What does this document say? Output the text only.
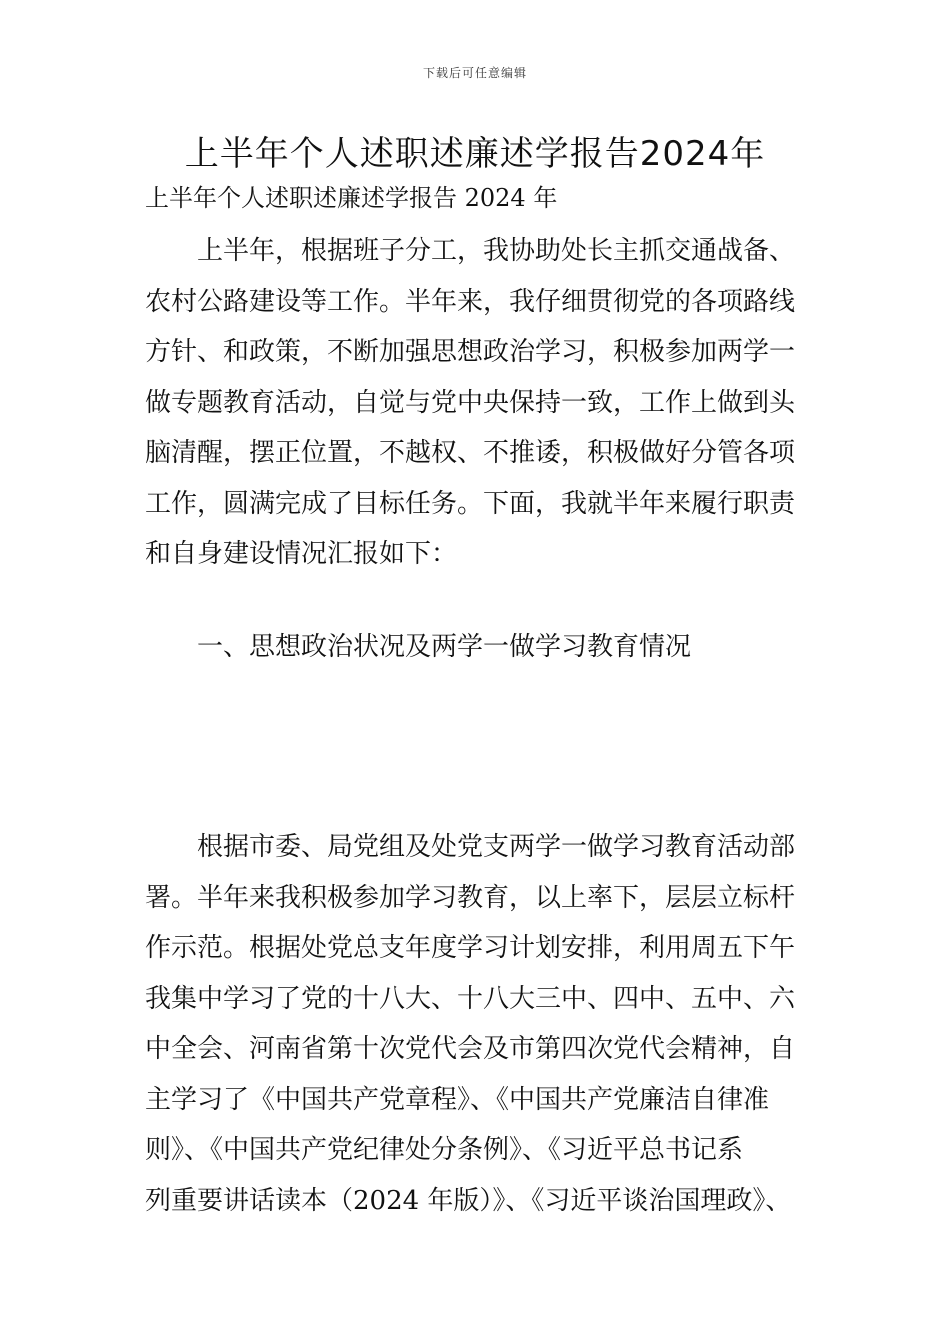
下载后可任意编辑
上半年个人述职述廉述学报告2024年
上半年个人述职述廉述学报告 2024 年
上半年，根据班子分工，我协助处长主抓交通战备、
农村公路建设等工作。半年来，我仔细贯彻党的各项路线
方针、和政策，不断加强思想政治学习，积极参加两学一
做专题教育活动，自觉与党中央保持一致，工作上做到头
脑清醒，摆正位置，不越权、不推诿，积极做好分管各项
工作，圆满完成了目标任务。下面，我就半年来履行职责
和自身建设情况汇报如下：
一、思想政治状况及两学一做学习教育情况
根据市委、局党组及处党支两学一做学习教育活动部
署。半年来我积极参加学习教育，以上率下，层层立标杆
作示范。根据处党总支年度学习计划安排，利用周五下午
我集中学习了党的十八大、十八大三中、四中、五中、六
中全会、河南省第十次党代会及市第四次党代会精神，自
主学习了《中国共产党章程》、《中国共产党廉洁自律准
则》、《中国共产党纪律处分条例》、《习近平总书记系
列重要讲话读本（2024 年版）》、《习近平谈治国理政》、
